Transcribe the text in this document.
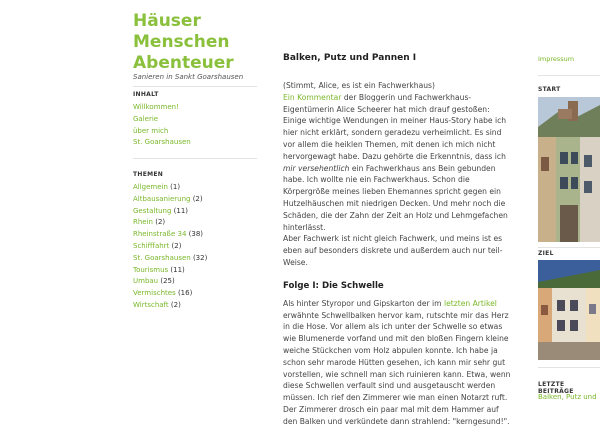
Häuser
Menschen
Abenteuer
Sanieren in Sankt Goarshausen
INHALT
Willkommen!
Galerie
über mich
St. Goarshausen
THEMEN
Allgemein (1)
Altbausanierung (2)
Gestaltung (11)
Rhein (2)
Rheinstraße 34 (38)
Schifffahrt (2)
St. Goarshausen (32)
Tourismus (11)
Umbau (25)
Vermischtes (16)
Wirtschaft (2)
Balken, Putz und Pannen I

(Stimmt, Alice, es ist ein Fachwerkhaus)
Ein Kommentar der Bloggerin und Fachwerkhaus-Eigentümerin Alice Scheerer hat mich drauf gestoßen: Einige wichtige Wendungen in meiner Haus-Story habe ich hier nicht erklärt, sondern geradezu verheimlicht. Es sind vor allem die heiklen Themen, mit denen ich mich nicht hervorgewagt habe. Dazu gehörte die Erkenntnis, dass ich mir versehentlich ein Fachwerkhaus ans Bein gebunden habe. Ich wollte nie ein Fachwerkhaus. Schon die Körpergröße meines lieben Ehemannes spricht gegen ein Hutzelhäuschen mit niedrigen Decken. Und mehr noch die Schäden, die der Zahn der Zeit an Holz und Lehmgefachen hinterlässt.
Aber Fachwerk ist nicht gleich Fachwerk, und meins ist es eben auf besonders diskrete und außerdem auch nur teil-Weise.

Folge I: Die Schwelle

Als hinter Styropor und Gipskarton der im letzten Artikel erwähnte Schwellbalken hervor kam, rutschte mir das Herz in die Hose. Vor allem als ich unter der Schwelle so etwas wie Blumenerde vorfand und mit den bloßen Fingern kleine weiche Stückchen vom Holz abpulen konnte. Ich habe ja schon sehr marode Hütten gesehen, ich kann mir sehr gut vorstellen, wie schnell man sich ruinieren kann. Etwa, wenn diese Schwellen verfault sind und ausgetauscht werden müssen. Ich rief den Zimmerer wie man einen Notarzt ruft. Der Zimmerer drosch ein paar mal mit dem Hammer auf den Balken und verkündete dann strahlend: "kerngesund!".

Impressum
START
ZIEL
LETZTE BEITRÄGE
Balken, Putz und
